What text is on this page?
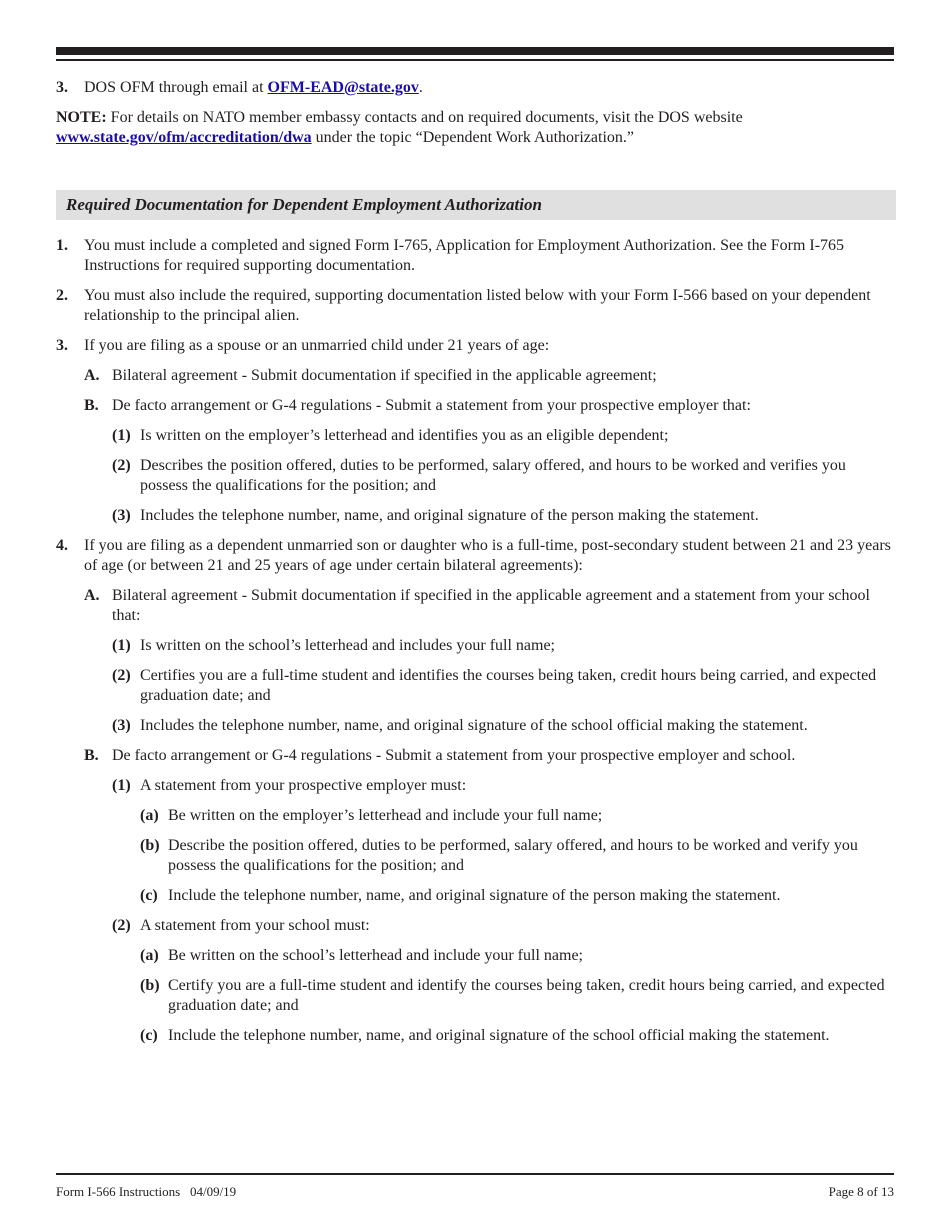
3. DOS OFM through email at OFM-EAD@state.gov.
NOTE: For details on NATO member embassy contacts and on required documents, visit the DOS website www.state.gov/ofm/accreditation/dwa under the topic “Dependent Work Authorization.”
Required Documentation for Dependent Employment Authorization
1. You must include a completed and signed Form I-765, Application for Employment Authorization. See the Form I-765 Instructions for required supporting documentation.
2. You must also include the required, supporting documentation listed below with your Form I-566 based on your dependent relationship to the principal alien.
3. If you are filing as a spouse or an unmarried child under 21 years of age:
A. Bilateral agreement - Submit documentation if specified in the applicable agreement;
B. De facto arrangement or G-4 regulations - Submit a statement from your prospective employer that:
(1) Is written on the employer’s letterhead and identifies you as an eligible dependent;
(2) Describes the position offered, duties to be performed, salary offered, and hours to be worked and verifies you possess the qualifications for the position; and
(3) Includes the telephone number, name, and original signature of the person making the statement.
4. If you are filing as a dependent unmarried son or daughter who is a full-time, post-secondary student between 21 and 23 years of age (or between 21 and 25 years of age under certain bilateral agreements):
A. Bilateral agreement - Submit documentation if specified in the applicable agreement and a statement from your school that:
(1) Is written on the school’s letterhead and includes your full name;
(2) Certifies you are a full-time student and identifies the courses being taken, credit hours being carried, and expected graduation date; and
(3) Includes the telephone number, name, and original signature of the school official making the statement.
B. De facto arrangement or G-4 regulations - Submit a statement from your prospective employer and school.
(1) A statement from your prospective employer must:
(a) Be written on the employer’s letterhead and include your full name;
(b) Describe the position offered, duties to be performed, salary offered, and hours to be worked and verify you possess the qualifications for the position; and
(c) Include the telephone number, name, and original signature of the person making the statement.
(2) A statement from your school must:
(a) Be written on the school’s letterhead and include your full name;
(b) Certify you are a full-time student and identify the courses being taken, credit hours being carried, and expected graduation date; and
(c) Include the telephone number, name, and original signature of the school official making the statement.
Form I-566 Instructions   04/09/19	Page 8 of 13
